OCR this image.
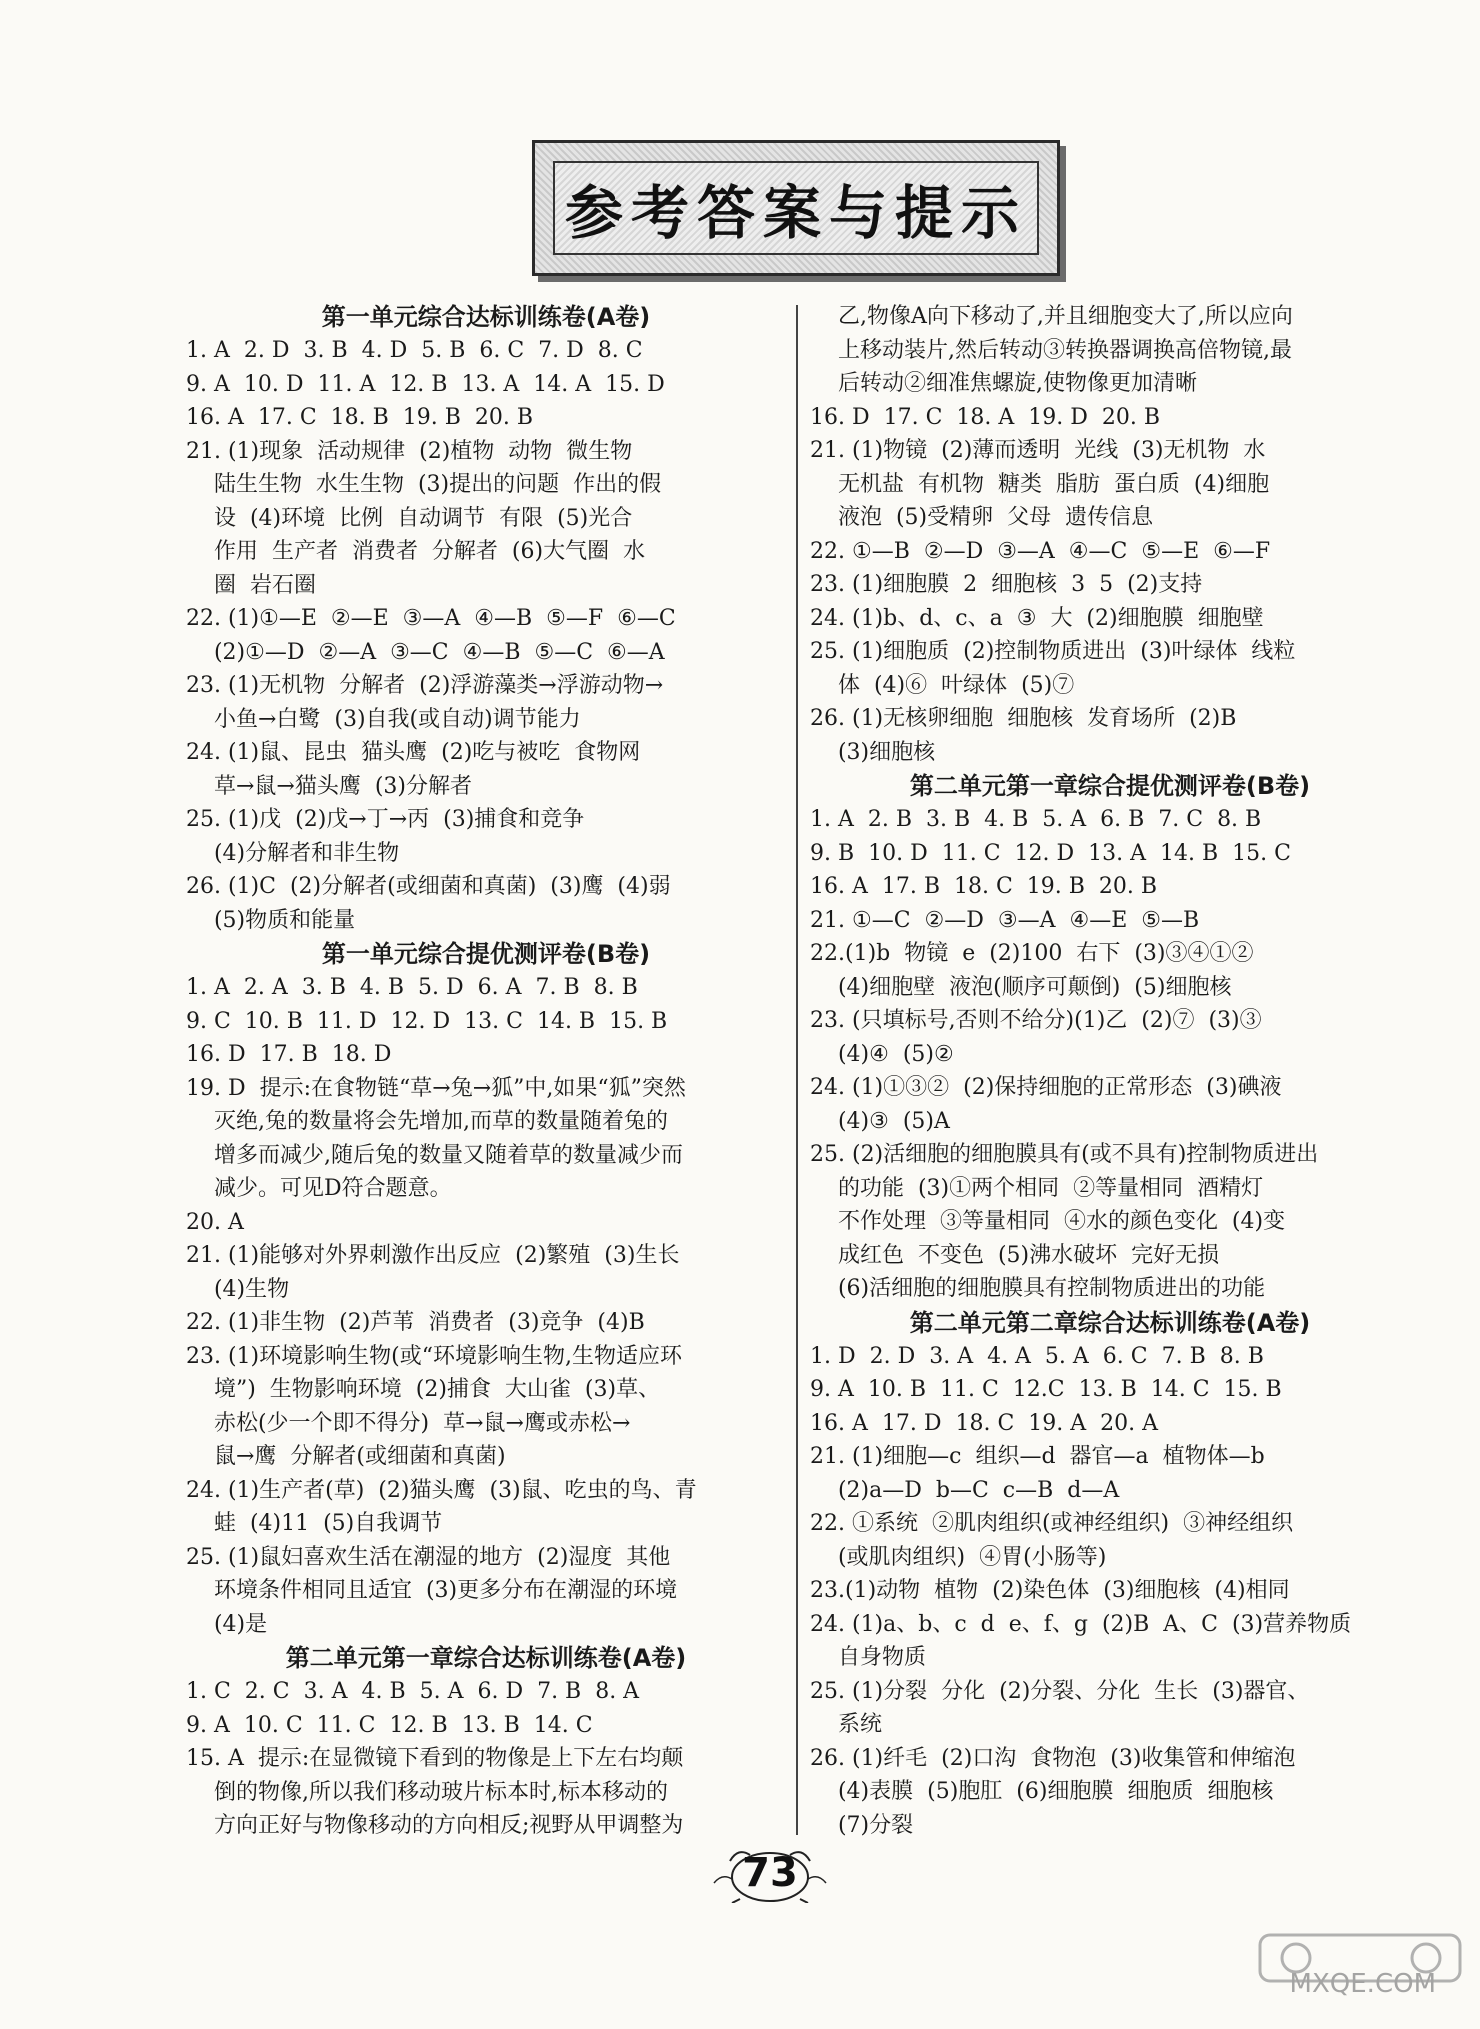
参考答案与提示

第一单元综合达标训练卷(A卷)

1. A  2. D  3. B  4. D  5. B  6. C  7. D  8. C

9. A  10. D  11. A  12. B  13. A  14. A  15. D

16. A  17. C  18. B  19. B  20. B

21. (1)现象  活动规律  (2)植物  动物  微生物

陆生生物  水生生物  (3)提出的问题  作出的假

设  (4)环境  比例  自动调节  有限  (5)光合

作用  生产者  消费者  分解者  (6)大气圈  水

圈  岩石圈

22. (1)①—E  ②—E  ③—A  ④—B  ⑤—F  ⑥—C

(2)①—D  ②—A  ③—C  ④—B  ⑤—C  ⑥—A

23. (1)无机物  分解者  (2)浮游藻类→浮游动物→

小鱼→白鹭  (3)自我(或自动)调节能力

24. (1)鼠、昆虫  猫头鹰  (2)吃与被吃  食物网

草→鼠→猫头鹰  (3)分解者

25. (1)戊  (2)戊→丁→丙  (3)捕食和竞争

(4)分解者和非生物

26. (1)C  (2)分解者(或细菌和真菌)  (3)鹰  (4)弱

(5)物质和能量

第一单元综合提优测评卷(B卷)

1. A  2. A  3. B  4. B  5. D  6. A  7. B  8. B

9. C  10. B  11. D  12. D  13. C  14. B  15. B

16. D  17. B  18. D

19. D  提示:在食物链“草→兔→狐”中,如果“狐”突然

灭绝,兔的数量将会先增加,而草的数量随着兔的

增多而减少,随后兔的数量又随着草的数量减少而

减少。可见D符合题意。

20. A

21. (1)能够对外界刺激作出反应  (2)繁殖  (3)生长

(4)生物

22. (1)非生物  (2)芦苇  消费者  (3)竞争  (4)B

23. (1)环境影响生物(或“环境影响生物,生物适应环

境”)  生物影响环境  (2)捕食  大山雀  (3)草、

赤松(少一个即不得分)  草→鼠→鹰或赤松→

鼠→鹰  分解者(或细菌和真菌)

24. (1)生产者(草)  (2)猫头鹰  (3)鼠、吃虫的鸟、青

蛙  (4)11  (5)自我调节

25. (1)鼠妇喜欢生活在潮湿的地方  (2)湿度  其他

环境条件相同且适宜  (3)更多分布在潮湿的环境

(4)是

第二单元第一章综合达标训练卷(A卷)

1. C  2. C  3. A  4. B  5. A  6. D  7. B  8. A

9. A  10. C  11. C  12. B  13. B  14. C

15. A  提示:在显微镜下看到的物像是上下左右均颠

倒的物像,所以我们移动玻片标本时,标本移动的

方向正好与物像移动的方向相反;视野从甲调整为

乙,物像A向下移动了,并且细胞变大了,所以应向

上移动装片,然后转动③转换器调换高倍物镜,最

后转动②细准焦螺旋,使物像更加清晰

16. D  17. C  18. A  19. D  20. B

21. (1)物镜  (2)薄而透明  光线  (3)无机物  水

无机盐  有机物  糖类  脂肪  蛋白质  (4)细胞

液泡  (5)受精卵  父母  遗传信息

22. ①—B  ②—D  ③—A  ④—C  ⑤—E  ⑥—F

23. (1)细胞膜  2  细胞核  3  5  (2)支持

24. (1)b、d、c、a  ③  大  (2)细胞膜  细胞壁

25. (1)细胞质  (2)控制物质进出  (3)叶绿体  线粒

体  (4)⑥  叶绿体  (5)⑦

26. (1)无核卵细胞  细胞核  发育场所  (2)B

(3)细胞核

第二单元第一章综合提优测评卷(B卷)

1. A  2. B  3. B  4. B  5. A  6. B  7. C  8. B

9. B  10. D  11. C  12. D  13. A  14. B  15. C

16. A  17. B  18. C  19. B  20. B

21. ①—C  ②—D  ③—A  ④—E  ⑤—B

22.(1)b  物镜  e  (2)100  右下  (3)③④①②

(4)细胞壁  液泡(顺序可颠倒)  (5)细胞核

23. (只填标号,否则不给分)(1)乙  (2)⑦  (3)③

(4)④  (5)②

24. (1)①③②  (2)保持细胞的正常形态  (3)碘液

(4)③  (5)A

25. (2)活细胞的细胞膜具有(或不具有)控制物质进出

的功能  (3)①两个相同  ②等量相同  酒精灯

不作处理  ③等量相同  ④水的颜色变化  (4)变

成红色  不变色  (5)沸水破坏  完好无损

(6)活细胞的细胞膜具有控制物质进出的功能

第二单元第二章综合达标训练卷(A卷)

1. D  2. D  3. A  4. A  5. A  6. C  7. B  8. B

9. A  10. B  11. C  12.C  13. B  14. C  15. B

16. A  17. D  18. C  19. A  20. A

21. (1)细胞—c  组织—d  器官—a  植物体—b

(2)a—D  b—C  c—B  d—A

22. ①系统  ②肌肉组织(或神经组织)  ③神经组织

(或肌肉组织)  ④胃(小肠等)

23.(1)动物  植物  (2)染色体  (3)细胞核  (4)相同

24. (1)a、b、c  d  e、f、g  (2)B  A、C  (3)营养物质

自身物质

25. (1)分裂  分化  (2)分裂、分化  生长  (3)器官、

系统

26. (1)纤毛  (2)口沟  食物泡  (3)收集管和伸缩泡

(4)表膜  (5)胞肛  (6)细胞膜  细胞质  细胞核

(7)分裂

73
MXQE.COM
